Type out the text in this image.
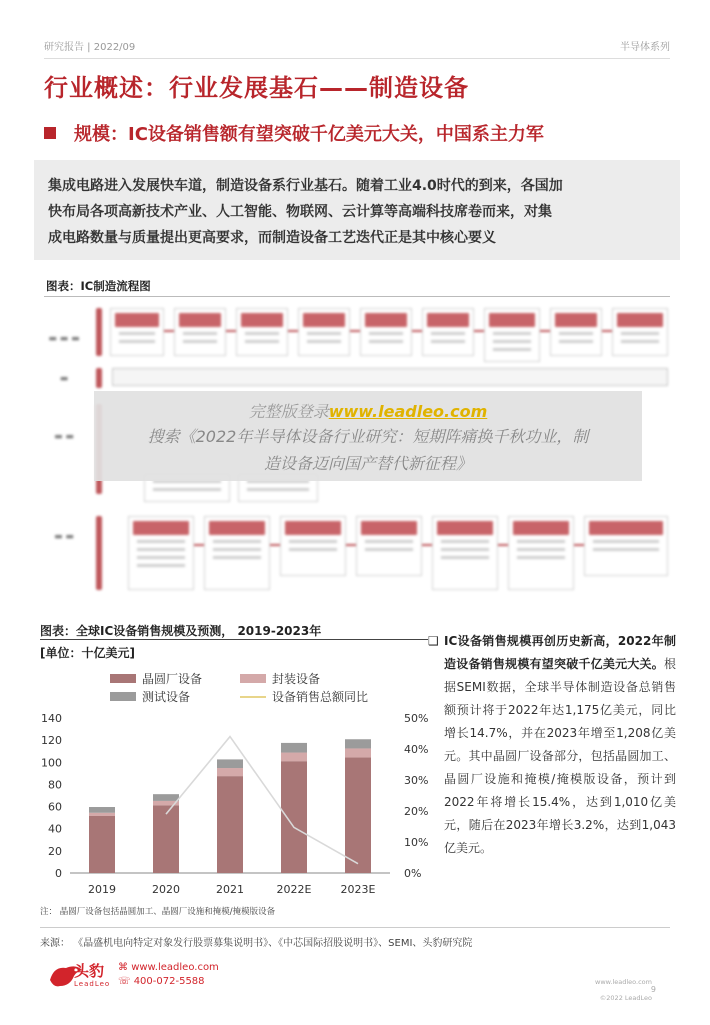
研究报告 | 2022/09	半导体系列
行业概述：行业发展基石——制造设备
规模：IC设备销售额有望突破千亿美元大关，中国系主力军
集成电路进入发展快车道，制造设备系行业基石。随着工业4.0时代的到来，各国加
快布局各项高新技术产业、人工智能、物联网、云计算等高端科技席卷而来，对集
成电路数量与质量提出更高要求，而制造设备工艺迭代正是其中核心要义
图表：IC制造流程图
▬ ▬ ▬
▬
▬ ▬
▬ ▬
完整版登录www.leadleo.com
搜索《2022年半导体设备行业研究：短期阵痛换千秋功业，制
造设备迈向国产替代新征程》
图表：全球IC设备销售规模及预测， 2019-2023年
[单位：十亿美元]
晶圆厂设备	封装设备
测试设备	设备销售总额同比
0
20
40
60
80
100
120
140
0%
10%
20%
30%
40%
50%
2019	2020	2021	2022E	2023E
注： 晶圆厂设备包括晶圆加工、晶圆厂设施和掩模/掩模版设备
❑ IC设备销售规模再创历史新高，2022年制造设备销售规模有望突破千亿美元大关。根据SEMI数据，全球半导体制造设备总销售额预计将于2022年达1,175亿美元，同比增长14.7%，并在2023年增至1,208亿美元。其中晶圆厂设备部分，包括晶圆加工、晶圆厂设施和掩模/掩模版设备，预计到2022年将增长15.4%，达到1,010亿美元，随后在2023年增长3.2%，达到1,043亿美元。
来源： 《晶盛机电向特定对象发行股票募集说明书》、《中芯国际招股说明书》、SEMI、头豹研究院
头豹
LeadLeo
⌘ www.leadleo.com
☏ 400-072-5588	www.leadleo.com
9
©2022 LeadLeo
